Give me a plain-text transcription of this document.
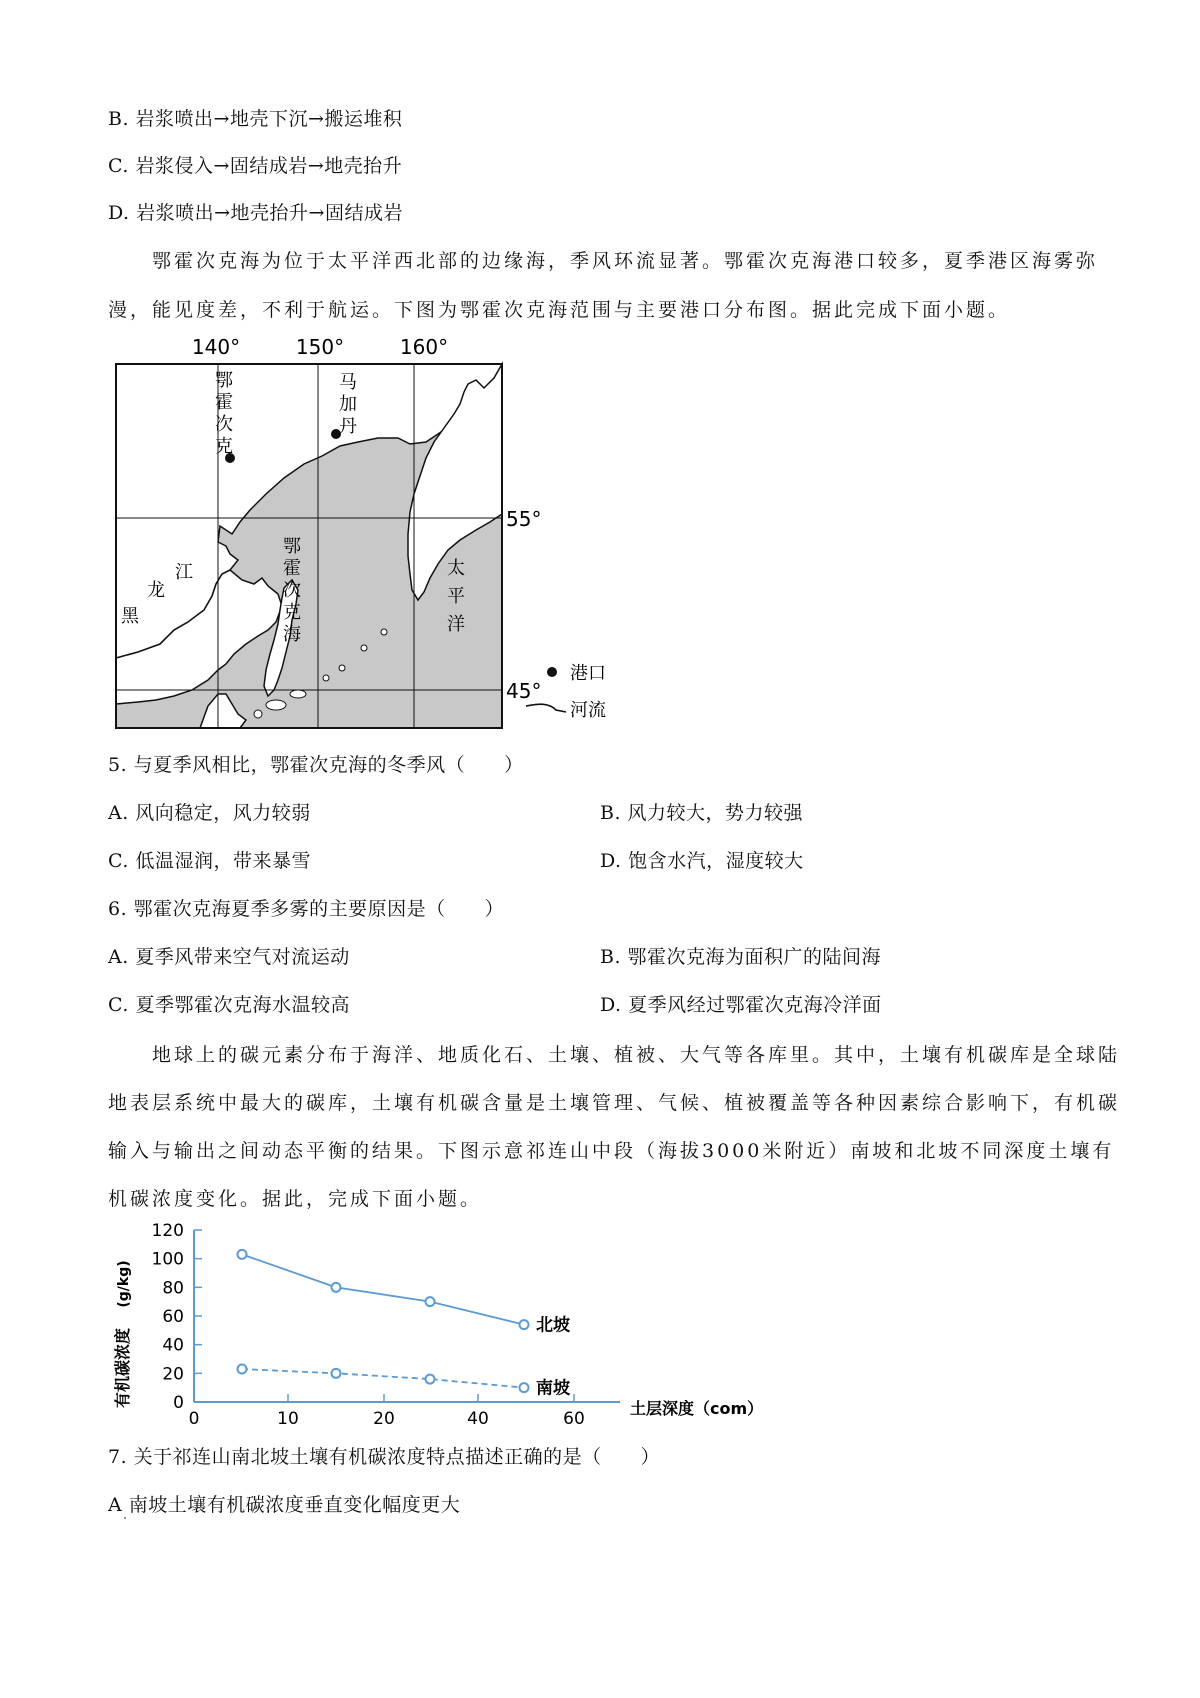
B. 岩浆喷出→地壳下沉→搬运堆积
C. 岩浆侵入→固结成岩→地壳抬升
D. 岩浆喷出→地壳抬升→固结成岩
鄂霍次克海为位于太平洋西北部的边缘海，季风环流显著。鄂霍次克海港口较多，夏季港区海雾弥
漫，能见度差，不利于航运。下图为鄂霍次克海范围与主要港口分布图。据此完成下面小题。
140°	150°	160°
55°
45°
鄂
霍
次
克
马
加
丹
鄂
霍
次
克
海
太
平
洋
黑
龙
江
港口
河流
5. 与夏季风相比，鄂霍次克海的冬季风（　　）
A. 风向稳定，风力较弱	B. 风力较大，势力较强
C. 低温湿润，带来暴雪	D. 饱含水汽，湿度较大
6. 鄂霍次克海夏季多雾的主要原因是（　　）
A. 夏季风带来空气对流运动	B. 鄂霍次克海为面积广的陆间海
C. 夏季鄂霍次克海水温较高	D. 夏季风经过鄂霍次克海冷洋面
地球上的碳元素分布于海洋、地质化石、土壤、植被、大气等各库里。其中，土壤有机碳库是全球陆
地表层系统中最大的碳库，土壤有机碳含量是土壤管理、气候、植被覆盖等各种因素综合影响下，有机碳
输入与输出之间动态平衡的结果。下图示意祁连山中段（海拔3000米附近）南坡和北坡不同深度土壤有
机碳浓度变化。据此，完成下面小题。
0
20
40
60
80
100
120
0	10	20	40	60
北坡
南坡
有机碳浓度
(g/kg)
土层深度（com）
7. 关于祁连山南北坡土壤有机碳浓度特点描述正确的是（　　）
A 南坡土壤有机碳浓度垂直变化幅度更大
